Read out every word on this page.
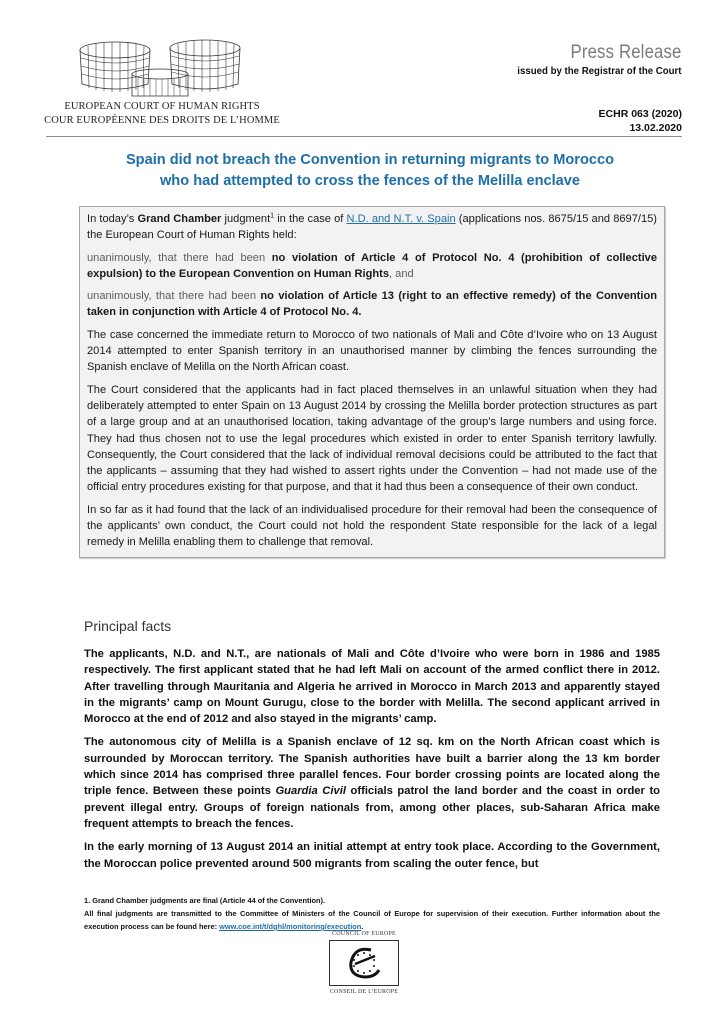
EUROPEAN COURT OF HUMAN RIGHTS
COUR EUROPÉENNE DES DROITS DE L’HOMME
Press Release
issued by the Registrar of the Court
ECHR 063 (2020)
13.02.2020
Spain did not breach the Convention in returning migrants to Morocco
who had attempted to cross the fences of the Melilla enclave

In today’s Grand Chamber judgment$^1$ in the case of N.D. and N.T. v. Spain (applications nos. 8675/15 and 8697/15) the European Court of Human Rights held:

unanimously, that there had been no violation of Article 4 of Protocol No. 4 (prohibition of collective expulsion) to the European Convention on Human Rights, and

unanimously, that there had been no violation of Article 13 (right to an effective remedy) of the Convention taken in conjunction with Article 4 of Protocol No. 4.

The case concerned the immediate return to Morocco of two nationals of Mali and Côte d’Ivoire who on 13 August 2014 attempted to enter Spanish territory in an unauthorised manner by climbing the fences surrounding the Spanish enclave of Melilla on the North African coast.

The Court considered that the applicants had in fact placed themselves in an unlawful situation when they had deliberately attempted to enter Spain on 13 August 2014 by crossing the Melilla border protection structures as part of a large group and at an unauthorised location, taking advantage of the group’s large numbers and using force. They had thus chosen not to use the legal procedures which existed in order to enter Spanish territory lawfully. Consequently, the Court considered that the lack of individual removal decisions could be attributed to the fact that the applicants – assuming that they had wished to assert rights under the Convention – had not made use of the official entry procedures existing for that purpose, and that it had thus been a consequence of their own conduct.

In so far as it had found that the lack of an individualised procedure for their removal had been the consequence of the applicants’ own conduct, the Court could not hold the respondent State responsible for the lack of a legal remedy in Melilla enabling them to challenge that removal.

Principal facts

The applicants, N.D. and N.T., are nationals of Mali and Côte d’Ivoire who were born in 1986 and 1985 respectively. The first applicant stated that he had left Mali on account of the armed conflict there in 2012. After travelling through Mauritania and Algeria he arrived in Morocco in March 2013 and apparently stayed in the migrants’ camp on Mount Gurugu, close to the border with Melilla. The second applicant arrived in Morocco at the end of 2012 and also stayed in the migrants’ camp.

The autonomous city of Melilla is a Spanish enclave of 12 sq. km on the North African coast which is surrounded by Moroccan territory. The Spanish authorities have built a barrier along the 13 km border which since 2014 has comprised three parallel fences. Four border crossing points are located along the triple fence. Between these points Guardia Civil officials patrol the land border and the coast in order to prevent illegal entry. Groups of foreign nationals from, among other places, sub-Saharan Africa make frequent attempts to breach the fences.

In the early morning of 13 August 2014 an initial attempt at entry took place. According to the Government, the Moroccan police prevented around 500 migrants from scaling the outer fence, but

1. Grand Chamber judgments are final (Article 44 of the Convention).

All final judgments are transmitted to the Committee of Ministers of the Council of Europe for supervision of their execution. Further information about the execution process can be found here: www.coe.int/t/dghl/monitoring/execution.

COUNCIL OF EUROPE
CONSEIL DE L’EUROPE
